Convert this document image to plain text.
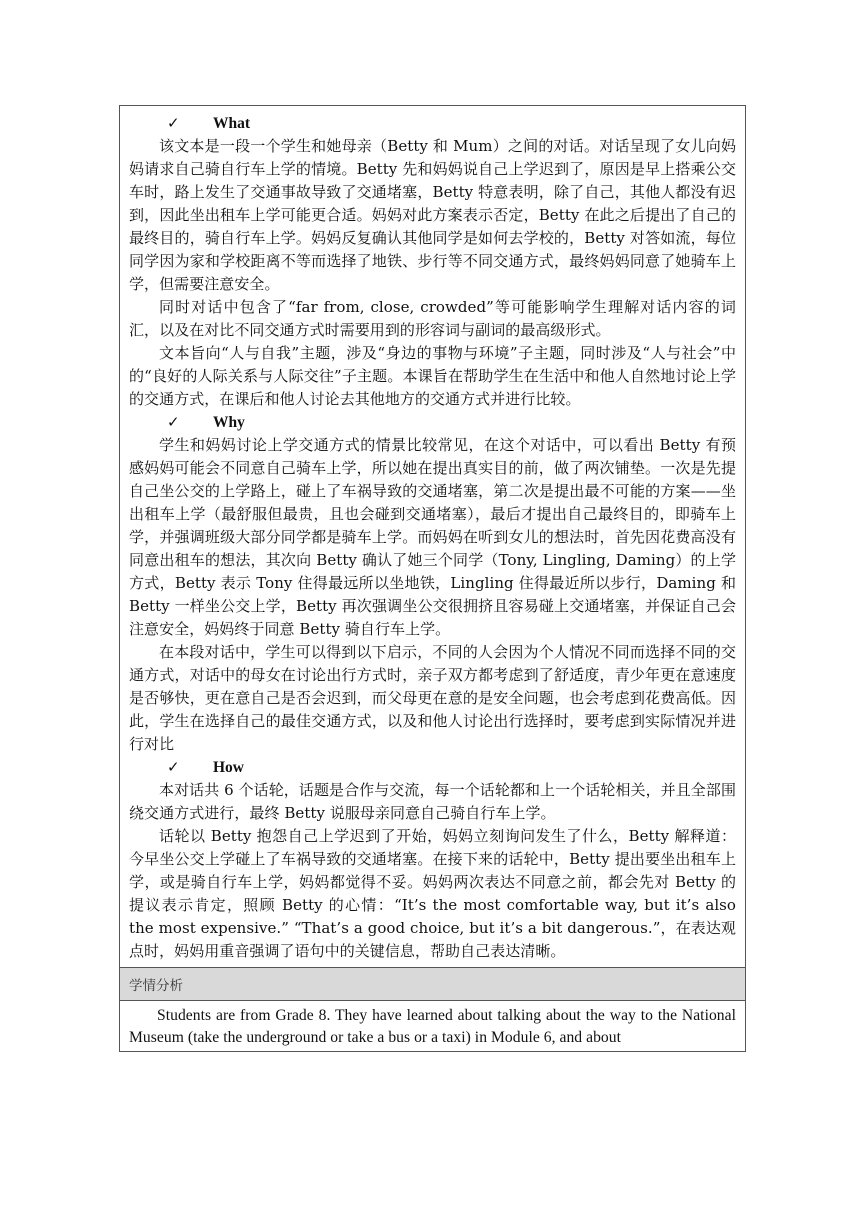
✓	What

该文本是一段一个学生和她母亲（Betty 和 Mum）之间的对话。对话呈现了女儿向妈妈请求自己骑自行车上学的情境。Betty 先和妈妈说自己上学迟到了，原因是早上搭乘公交车时，路上发生了交通事故导致了交通堵塞，Betty 特意表明，除了自己，其他人都没有迟到，因此坐出租车上学可能更合适。妈妈对此方案表示否定，Betty 在此之后提出了自己的最终目的，骑自行车上学。妈妈反复确认其他同学是如何去学校的，Betty 对答如流，每位同学因为家和学校距离不等而选择了地铁、步行等不同交通方式，最终妈妈同意了她骑车上学，但需要注意安全。

同时对话中包含了“far from, close, crowded”等可能影响学生理解对话内容的词汇，以及在对比不同交通方式时需要用到的形容词与副词的最高级形式。

文本旨向“人与自我”主题，涉及“身边的事物与环境”子主题，同时涉及“人与社会”中的“良好的人际关系与人际交往”子主题。本课旨在帮助学生在生活中和他人自然地讨论上学的交通方式，在课后和他人讨论去其他地方的交通方式并进行比较。

✓	Why

学生和妈妈讨论上学交通方式的情景比较常见，在这个对话中，可以看出 Betty 有预感妈妈可能会不同意自己骑车上学，所以她在提出真实目的前，做了两次铺垫。一次是先提自己坐公交的上学路上，碰上了车祸导致的交通堵塞，第二次是提出最不可能的方案——坐出租车上学（最舒服但最贵，且也会碰到交通堵塞），最后才提出自己最终目的，即骑车上学，并强调班级大部分同学都是骑车上学。而妈妈在听到女儿的想法时，首先因花费高没有同意出租车的想法，其次向 Betty 确认了她三个同学（Tony, Lingling, Daming）的上学方式，Betty 表示 Tony 住得最远所以坐地铁，Lingling 住得最近所以步行，Daming 和 Betty 一样坐公交上学，Betty 再次强调坐公交很拥挤且容易碰上交通堵塞，并保证自己会注意安全，妈妈终于同意 Betty 骑自行车上学。

在本段对话中，学生可以得到以下启示，不同的人会因为个人情况不同而选择不同的交通方式，对话中的母女在讨论出行方式时，亲子双方都考虑到了舒适度，青少年更在意速度是否够快，更在意自己是否会迟到，而父母更在意的是安全问题，也会考虑到花费高低。因此，学生在选择自己的最佳交通方式，以及和他人讨论出行选择时，要考虑到实际情况并进行对比

✓	How

本对话共 6 个话轮，话题是合作与交流，每一个话轮都和上一个话轮相关，并且全部围绕交通方式进行，最终 Betty 说服母亲同意自己骑自行车上学。

话轮以 Betty 抱怨自己上学迟到了开始，妈妈立刻询问发生了什么，Betty 解释道：今早坐公交上学碰上了车祸导致的交通堵塞。在接下来的话轮中，Betty 提出要坐出租车上学，或是骑自行车上学，妈妈都觉得不妥。妈妈两次表达不同意之前，都会先对 Betty 的提议表示肯定，照顾 Betty 的心情：“It’s the most comfortable way, but it’s also the most expensive.” “That’s a good choice, but it’s a bit dangerous.”，在表达观点时，妈妈用重音强调了语句中的关键信息，帮助自己表达清晰。

学情分析

Students are from Grade 8. They have learned about talking about the way to the National Museum (take the underground or take a bus or a taxi) in Module 6, and about
